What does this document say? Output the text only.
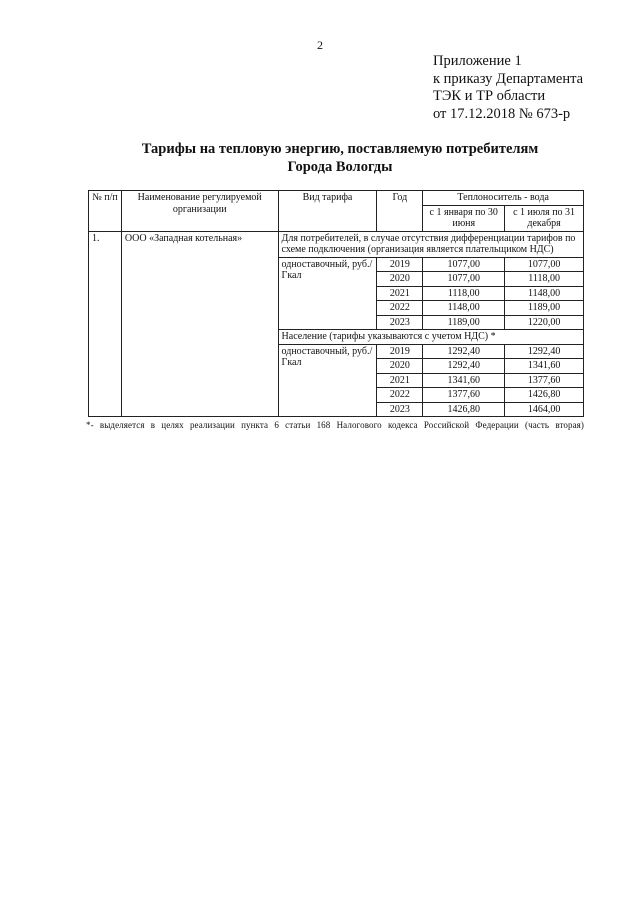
2
Приложение 1
к приказу Департамента
ТЭК и ТР области
от 17.12.2018 № 673-р
Тарифы на тепловую энергию, поставляемую потребителям
Города Вологды
№ п/п	Наименование регулируемой организации	Вид тарифа	Год	Теплоноситель - вода	
				с 1 января по 30 июня	с 1 июля по 31 декабря
1.	ООО «Западная котельная»	Для потребителей, в случае отсутствия дифференциации тарифов по схеме подключения (организация является плательщиком НДС)			
		одноставочный, руб./Гкал	2019	1077,00	1077,00
			2020	1077,00	1118,00
			2021	1118,00	1148,00
			2022	1148,00	1189,00
			2023	1189,00	1220,00
		Население (тарифы указываются с учетом НДС) *			
		одноставочный, руб./Гкал	2019	1292,40	1292,40
			2020	1292,40	1341,60
			2021	1341,60	1377,60
			2022	1377,60	1426,80
			2023	1426,80	1464,00
*- выделяется в целях реализации пункта 6 статьи 168 Налогового кодекса Российской Федерации (часть вторая)
